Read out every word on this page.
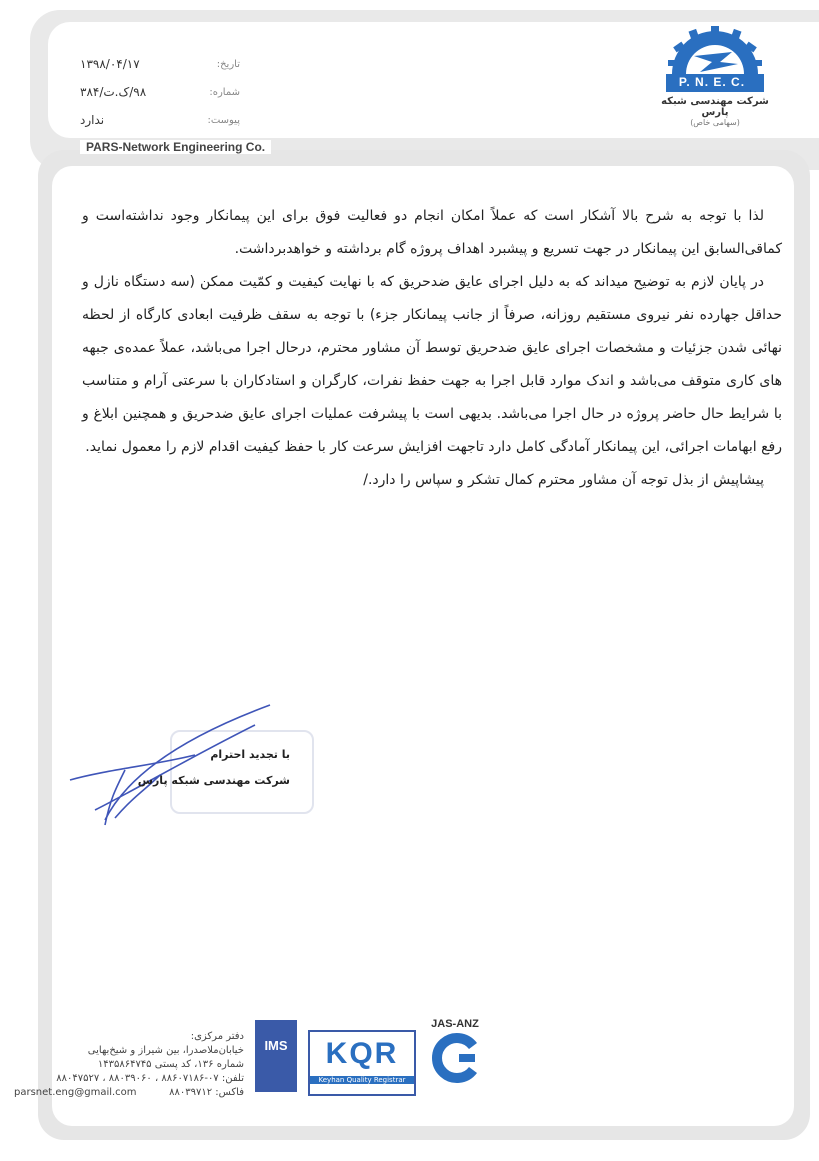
۱۳۹۸/۰۴/۱۷	تاریخ:
۹۸/ک.ت/۳۸۴	شماره:
ندارد	پیوست:
PARS-Network Engineering Co.
P. N. E. C.
شرکت مهندسی شبکه پارس
(سهامی خاص)

لذا با توجه به شرح بالا آشکار است که عملاً امکان انجام دو فعالیت فوق برای این پیمانکار وجود نداشته‌است و کماقی‌السابق این پیمانکار در جهت تسریع و پیشبرد اهداف پروژه گام برداشته و خواهدبرداشت.

در پایان لازم به توضیح میداند که به دلیل اجرای عایق ضدحریق که با نهایت کیفیت و کمّیت ممکن (سه دستگاه نازل و حداقل جهارده نفر نیروی مستقیم روزانه، صرفاً از جانب پیمانکار جزء) با توجه به سقف ظرفیت ابعادی کارگاه از لحظه نهائی شدن جزئیات و مشخصات اجرای عایق ضدحریق توسط آن مشاور محترم، درحال اجرا می‌باشد، عملاً عمده‌ی جبهه های کاری متوقف می‌باشد و اندک موارد قابل اجرا به جهت حفظ نفرات، کارگران و استادکاران با سرعتی آرام و متناسب با شرایط حال حاضر پروژه در حال اجرا می‌باشد. بدیهی است با پیشرفت عملیات اجرای عایق ضدحریق و همچنین ابلاغ و رفع ابهامات اجرائی، این پیمانکار آمادگی کامل دارد تاجهت افزایش سرعت کار با حفظ کیفیت اقدام لازم را معمول نماید.

پیشاپیش از بذل توجه آن مشاور محترم کمال تشکر و سپاس را دارد./

با تجدید احترام
شرکت مهندسی شبکه پارس
دفتر مرکزی:
خیابان‌ملاصدرا، بین شیراز و شیخ‌بهایی
شماره ۱۳۶، کد پستی ۱۴۳۵۸۶۴۷۴۵
تلفن: ۰۷-۸۸۶۰۷۱۸۶ ، ۸۸۰۳۹۰۶۰ ، ۸۸۰۴۷۵۲۷
parsnet.eng@gmail.com	فاکس: ۸۸۰۳۹۷۱۲
IMS	KQR
Keyhan Quality Registrar
JAS-ANZ
